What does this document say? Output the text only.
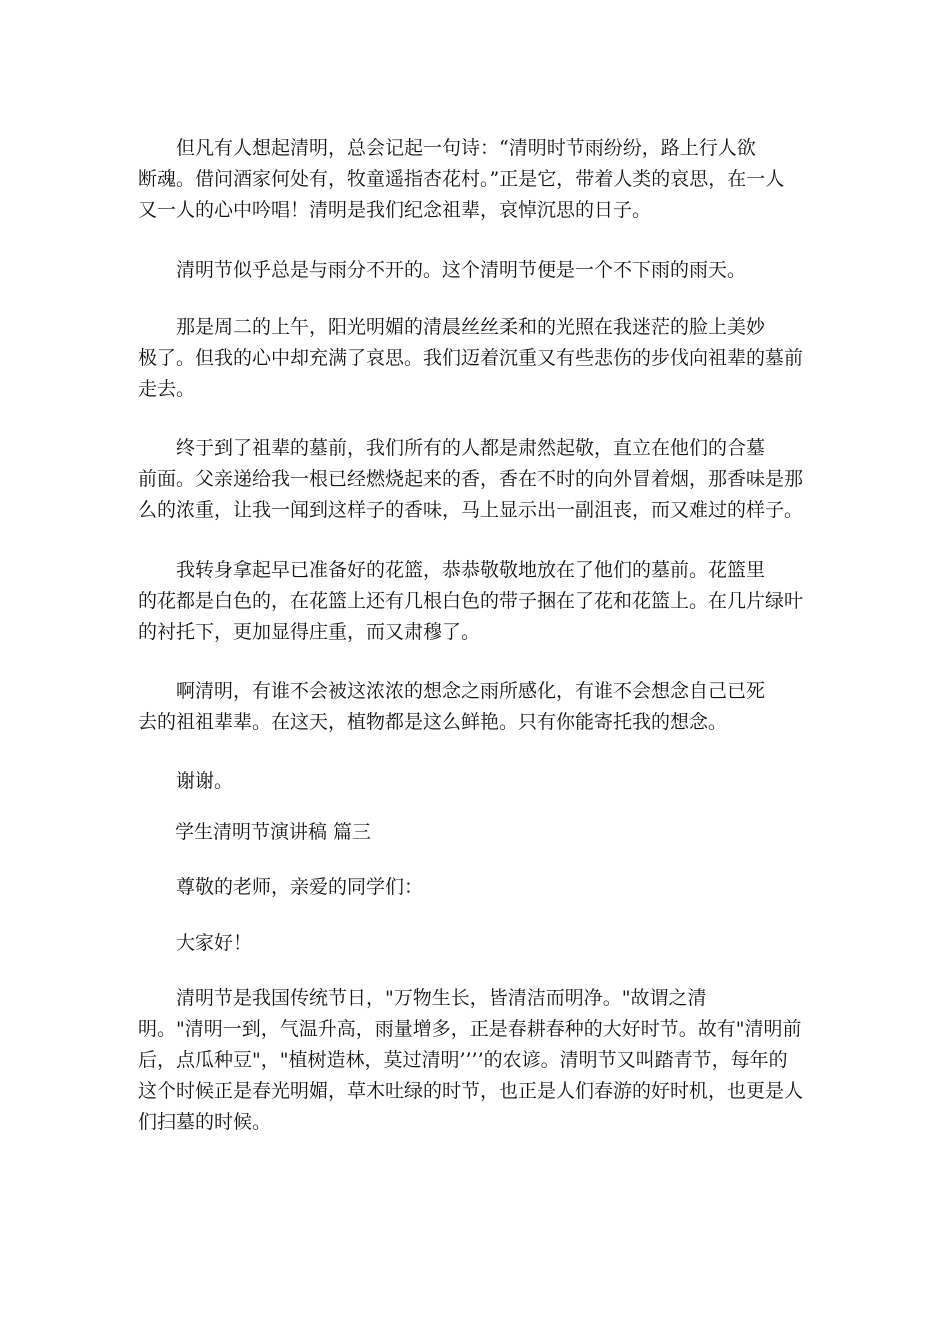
　　但凡有人想起清明，总会记起一句诗：“清明时节雨纷纷，路上行人欲
断魂。借问酒家何处有，牧童遥指杏花村。”正是它，带着人类的哀思，在一人
又一人的心中吟唱！清明是我们纪念祖辈，哀悼沉思的日子。
　　清明节似乎总是与雨分不开的。这个清明节便是一个不下雨的雨天。
　　那是周二的上午，阳光明媚的清晨丝丝柔和的光照在我迷茫的脸上美妙
极了。但我的心中却充满了哀思。我们迈着沉重又有些悲伤的步伐向祖辈的墓前
走去。
　　终于到了祖辈的墓前，我们所有的人都是肃然起敬，直立在他们的合墓
前面。父亲递给我一根已经燃烧起来的香，香在不时的向外冒着烟，那香味是那
么的浓重，让我一闻到这样子的香味，马上显示出一副沮丧，而又难过的样子。
　　我转身拿起早已准备好的花篮，恭恭敬敬地放在了他们的墓前。花篮里
的花都是白色的，在花篮上还有几根白色的带子捆在了花和花篮上。在几片绿叶
的衬托下，更加显得庄重，而又肃穆了。
　　啊清明，有谁不会被这浓浓的想念之雨所感化，有谁不会想念自己已死
去的祖祖辈辈。在这天，植物都是这么鲜艳。只有你能寄托我的想念。
　　谢谢。
学生清明节演讲稿 篇三
　　尊敬的老师，亲爱的同学们：
　　大家好！
　　清明节是我国传统节日，"万物生长，皆清洁而明净。"故谓之清
明。"清明一到，气温升高，雨量增多，正是春耕春种的大好时节。故有"清明前
后，点瓜种豆"，"植树造林，莫过清明’’’’的农谚。清明节又叫踏青节，每年的
这个时候正是春光明媚，草木吐绿的时节，也正是人们春游的好时机，也更是人
们扫墓的时候。
